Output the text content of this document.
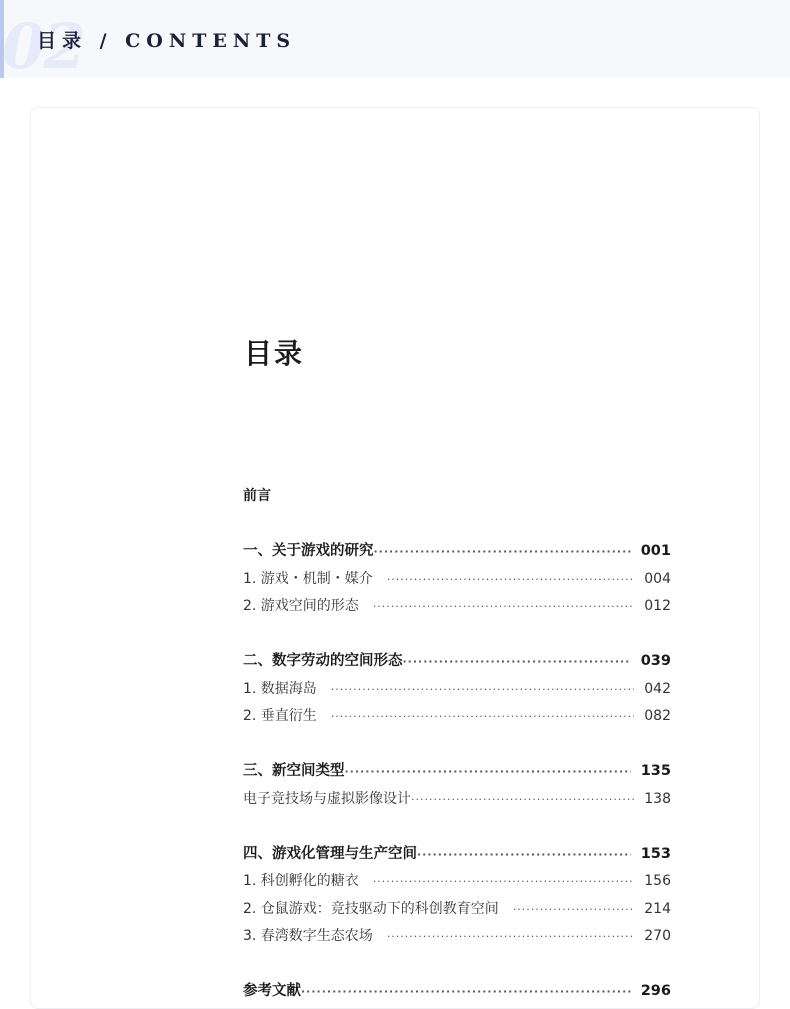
02
目录 / CONTENTS
目录
前言
一、关于游戏的研究 ·····	001
1. 游戏・机制・媒介 ·····	004
2. 游戏空间的形态 ·····	012
二、数字劳动的空间形态 ·····	039
1. 数据海岛 ·····	042
2. 垂直衍生 ·····	082
三、新空间类型 ·····	135
电子竞技场与虚拟影像设计 ·····	138
四、游戏化管理与生产空间 ·····	153
1. 科创孵化的糖衣 ·····	156
2. 仓鼠游戏：竞技驱动下的科创教育空间 ·····	214
3. 春湾数字生态农场 ·····	270
参考文献 ·····	296
